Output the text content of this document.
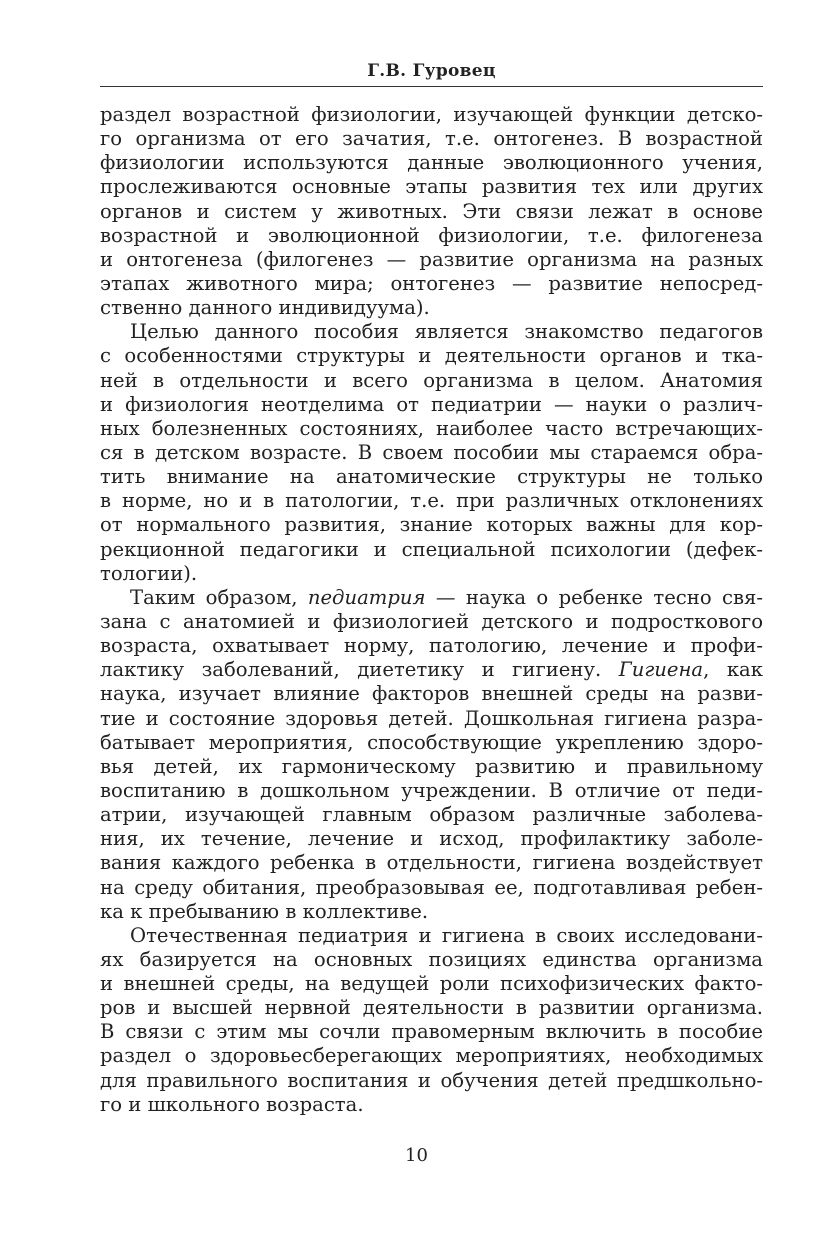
Г.В. Гуровец
раздел возрастной физиологии, изучающей функции детско-
го организма от его зачатия, т.е. онтогенез. В возрастной
физиологии используются данные эволюционного учения,
прослеживаются основные этапы развития тех или других
органов и систем у животных. Эти связи лежат в основе
возрастной и эволюционной физиологии, т.е. филогенеза
и онтогенеза (филогенез — развитие организма на разных
этапах животного мира; онтогенез — развитие непосред-
ственно данного индивидуума).
Целью данного пособия является знакомство педагогов
с особенностями структуры и деятельности органов и тка-
ней в отдельности и всего организма в целом. Анатомия
и физиология неотделима от педиатрии — науки о различ-
ных болезненных состояниях, наиболее часто встречающих-
ся в детском возрасте. В своем пособии мы стараемся обра-
тить внимание на анатомические структуры не только
в норме, но и в патологии, т.е. при различных отклонениях
от нормального развития, знание которых важны для кор-
рекционной педагогики и специальной психологии (дефек-
тологии).
Таким образом, педиатрия — наука о ребенке тесно свя-
зана с анатомией и физиологией детского и подросткового
возраста, охватывает норму, патологию, лечение и профи-
лактику заболеваний, диететику и гигиену. Гигиена, как
наука, изучает влияние факторов внешней среды на разви-
тие и состояние здоровья детей. Дошкольная гигиена разра-
батывает мероприятия, способствующие укреплению здоро-
вья детей, их гармоническому развитию и правильному
воспитанию в дошкольном учреждении. В отличие от педи-
атрии, изучающей главным образом различные заболева-
ния, их течение, лечение и исход, профилактику заболе-
вания каждого ребенка в отдельности, гигиена воздействует
на среду обитания, преобразовывая ее, подготавливая ребен-
ка к пребыванию в коллективе.
Отечественная педиатрия и гигиена в своих исследовани-
ях базируется на основных позициях единства организма
и внешней среды, на ведущей роли психофизических факто-
ров и высшей нервной деятельности в развитии организма.
В связи с этим мы сочли правомерным включить в пособие
раздел о здоровьесберегающих мероприятиях, необходимых
для правильного воспитания и обучения детей предшкольно-
го и школьного возраста.
10
